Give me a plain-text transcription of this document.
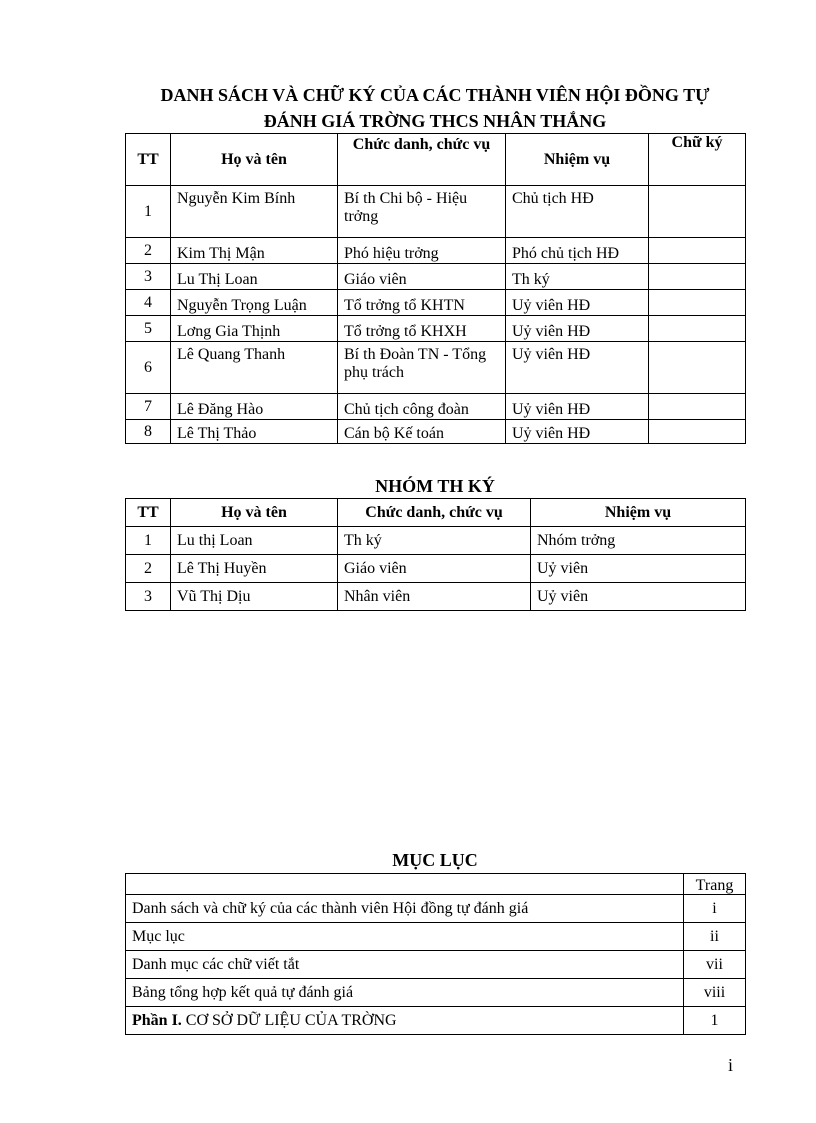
DANH SÁCH VÀ CHỮ KÝ CỦA CÁC THÀNH VIÊN HỘI ĐỒNG TỰ
ĐÁNH GIÁ TRỜNG THCS NHÂN THẮNG
TT	Họ và tên	Chức danh, chức vụ	Nhiệm vụ	Chữ ký
1	Nguyễn Kim Bính	Bí th Chi bộ - Hiệu trởng	Chủ tịch HĐ	
2	Kim Thị Mận	Phó hiệu trởng	Phó chủ tịch HĐ	
3	Lu Thị Loan	Giáo viên	Th ký	
4	Nguyễn Trọng Luận	Tổ trởng tổ KHTN	Uỷ viên HĐ	
5	Lơng Gia Thịnh	Tổ trởng tổ KHXH	Uỷ viên HĐ	
6	Lê Quang Thanh	Bí th Đoàn TN - Tổng phụ trách	Uỷ viên HĐ	
7	Lê Đăng Hào	Chủ tịch công đoàn	Uỷ viên HĐ	
8	Lê Thị Thảo	Cán bộ Kế toán	Uỷ viên HĐ	
NHÓM TH KÝ
TT	Họ và tên	Chức danh, chức vụ	Nhiệm vụ
1	Lu thị Loan	Th ký	Nhóm trởng
2	Lê Thị Huyền	Giáo viên	Uỷ viên
3	Vũ Thị Dịu	Nhân viên	Uỷ viên
MỤC LỤC
	Trang
Danh sách và chữ ký của các thành viên Hội đồng tự đánh giá	i
Mục lục	ii
Danh mục các chữ viết tắt	vii
Bảng tổng hợp kết quả tự đánh giá	viii
Phần I. CƠ SỞ DỮ LIỆU CỦA TRỜNG	1
i
